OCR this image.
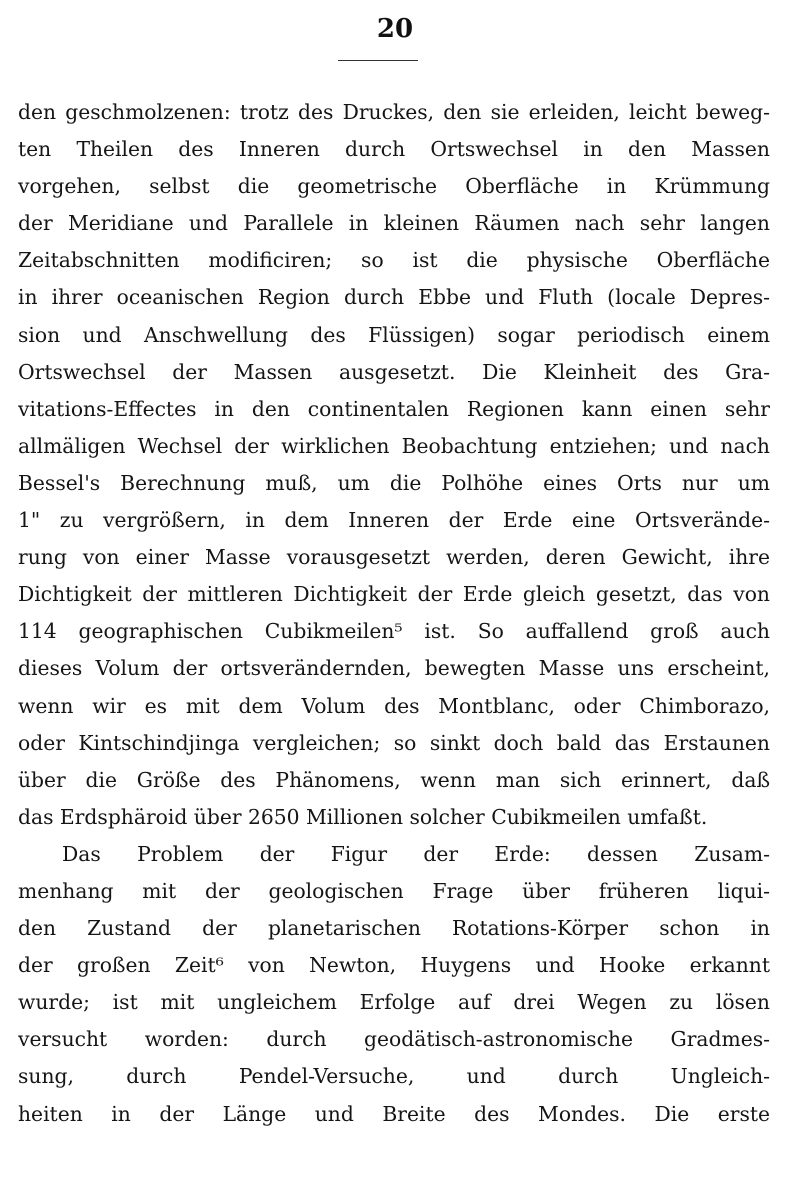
20
den geschmolzenen: trotz des Druckes, den sie erleiden, leicht beweg-
ten Theilen des Inneren durch Ortswechsel in den Massen
vorgehen, selbst die geometrische Oberfläche in Krümmung
der Meridiane und Parallele in kleinen Räumen nach sehr langen
Zeitabschnitten modificiren; so ist die physische Oberfläche
in ihrer oceanischen Region durch Ebbe und Fluth (locale Depres-
sion und Anschwellung des Flüssigen) sogar periodisch einem
Ortswechsel der Massen ausgesetzt. Die Kleinheit des Gra-
vitations-Effectes in den continentalen Regionen kann einen sehr
allmäligen Wechsel der wirklichen Beobachtung entziehen; und nach
Bessel's Berechnung muß, um die Polhöhe eines Orts nur um
1" zu vergrößern, in dem Inneren der Erde eine Ortsverände-
rung von einer Masse vorausgesetzt werden, deren Gewicht, ihre
Dichtigkeit der mittleren Dichtigkeit der Erde gleich gesetzt, das von
114 geographischen Cubikmeilen⁵ ist. So auffallend groß auch
dieses Volum der ortsverändernden, bewegten Masse uns erscheint,
wenn wir es mit dem Volum des Montblanc, oder Chimborazo,
oder Kintschindjinga vergleichen; so sinkt doch bald das Erstaunen
über die Größe des Phänomens, wenn man sich erinnert, daß
das Erdsphäroid über 2650 Millionen solcher Cubikmeilen umfaßt.
Das Problem der Figur der Erde: dessen Zusam-
menhang mit der geologischen Frage über früheren liqui-
den Zustand der planetarischen Rotations-Körper schon in
der großen Zeit⁶ von Newton, Huygens und Hooke erkannt
wurde; ist mit ungleichem Erfolge auf drei Wegen zu lösen
versucht worden: durch geodätisch-astronomische Gradmes-
sung, durch Pendel-Versuche, und durch Ungleich-
heiten in der Länge und Breite des Mondes. Die erste
